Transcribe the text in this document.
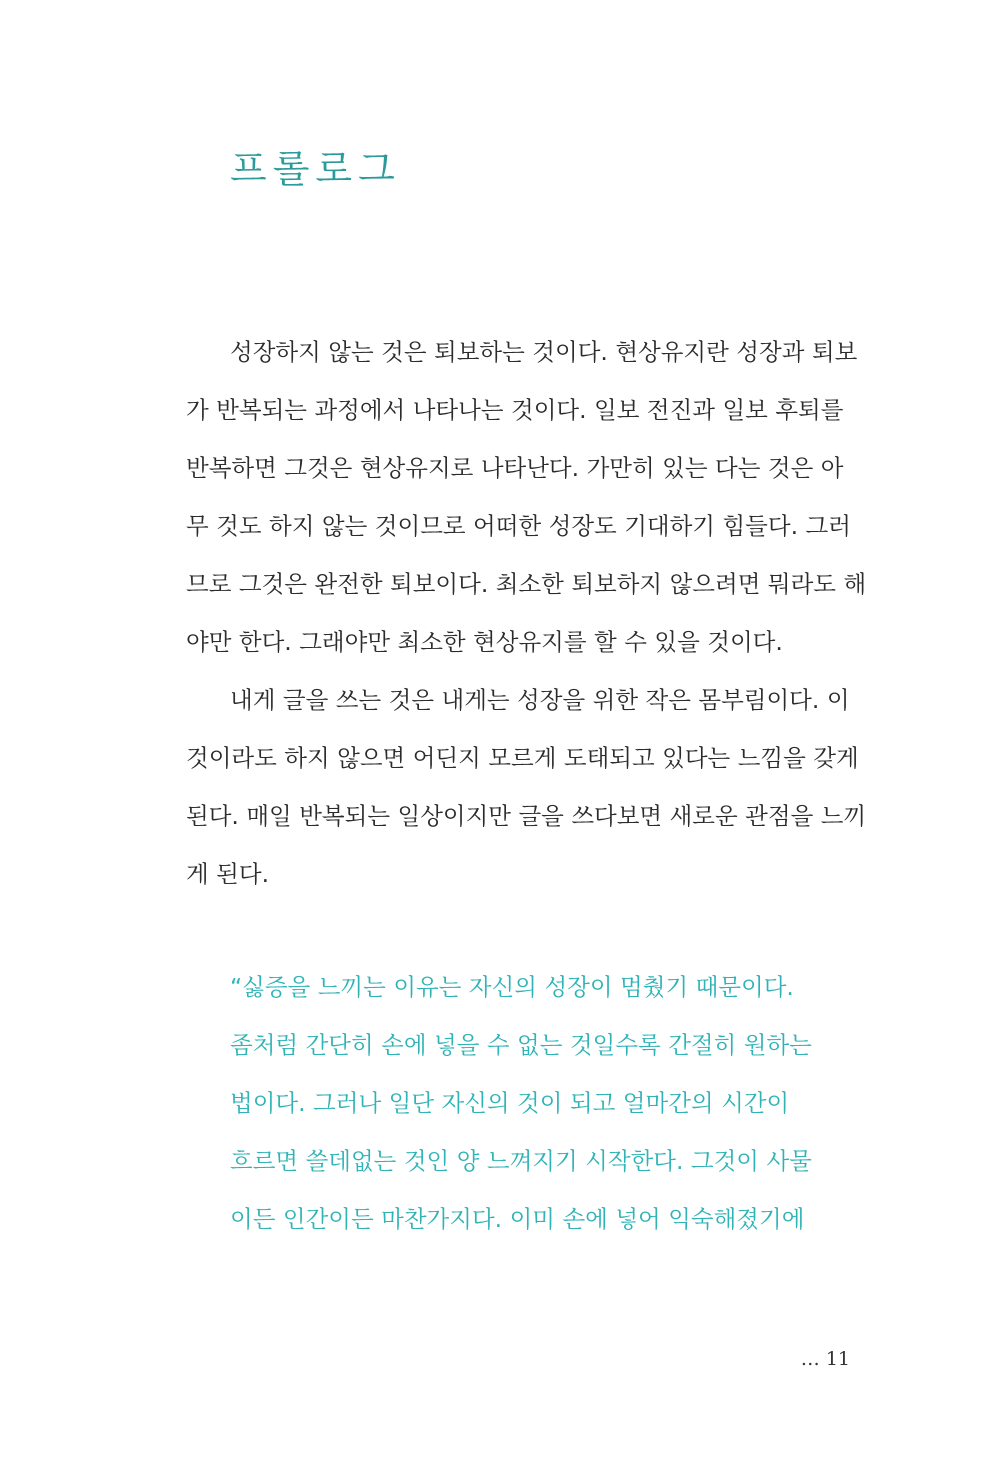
프롤로그
성장하지 않는 것은 퇴보하는 것이다. 현상유지란 성장과 퇴보
가 반복되는 과정에서 나타나는 것이다. 일보 전진과 일보 후퇴를
반복하면 그것은 현상유지로 나타난다. 가만히 있는 다는 것은 아
무 것도 하지 않는 것이므로 어떠한 성장도 기대하기 힘들다. 그러
므로 그것은 완전한 퇴보이다. 최소한 퇴보하지 않으려면 뭐라도 해
야만 한다. 그래야만 최소한 현상유지를 할 수 있을 것이다.
내게 글을 쓰는 것은 내게는 성장을 위한 작은 몸부림이다. 이
것이라도 하지 않으면 어딘지 모르게 도태되고 있다는 느낌을 갖게
된다. 매일 반복되는 일상이지만 글을 쓰다보면 새로운 관점을 느끼
게 된다.
“싫증을 느끼는 이유는 자신의 성장이 멈췄기 때문이다.
좀처럼 간단히 손에 넣을 수 없는 것일수록 간절히 원하는
법이다. 그러나 일단 자신의 것이 되고 얼마간의 시간이
흐르면 쓸데없는 것인 양 느껴지기 시작한다. 그것이 사물
이든 인간이든 마찬가지다. 이미 손에 넣어 익숙해졌기에
… 11
